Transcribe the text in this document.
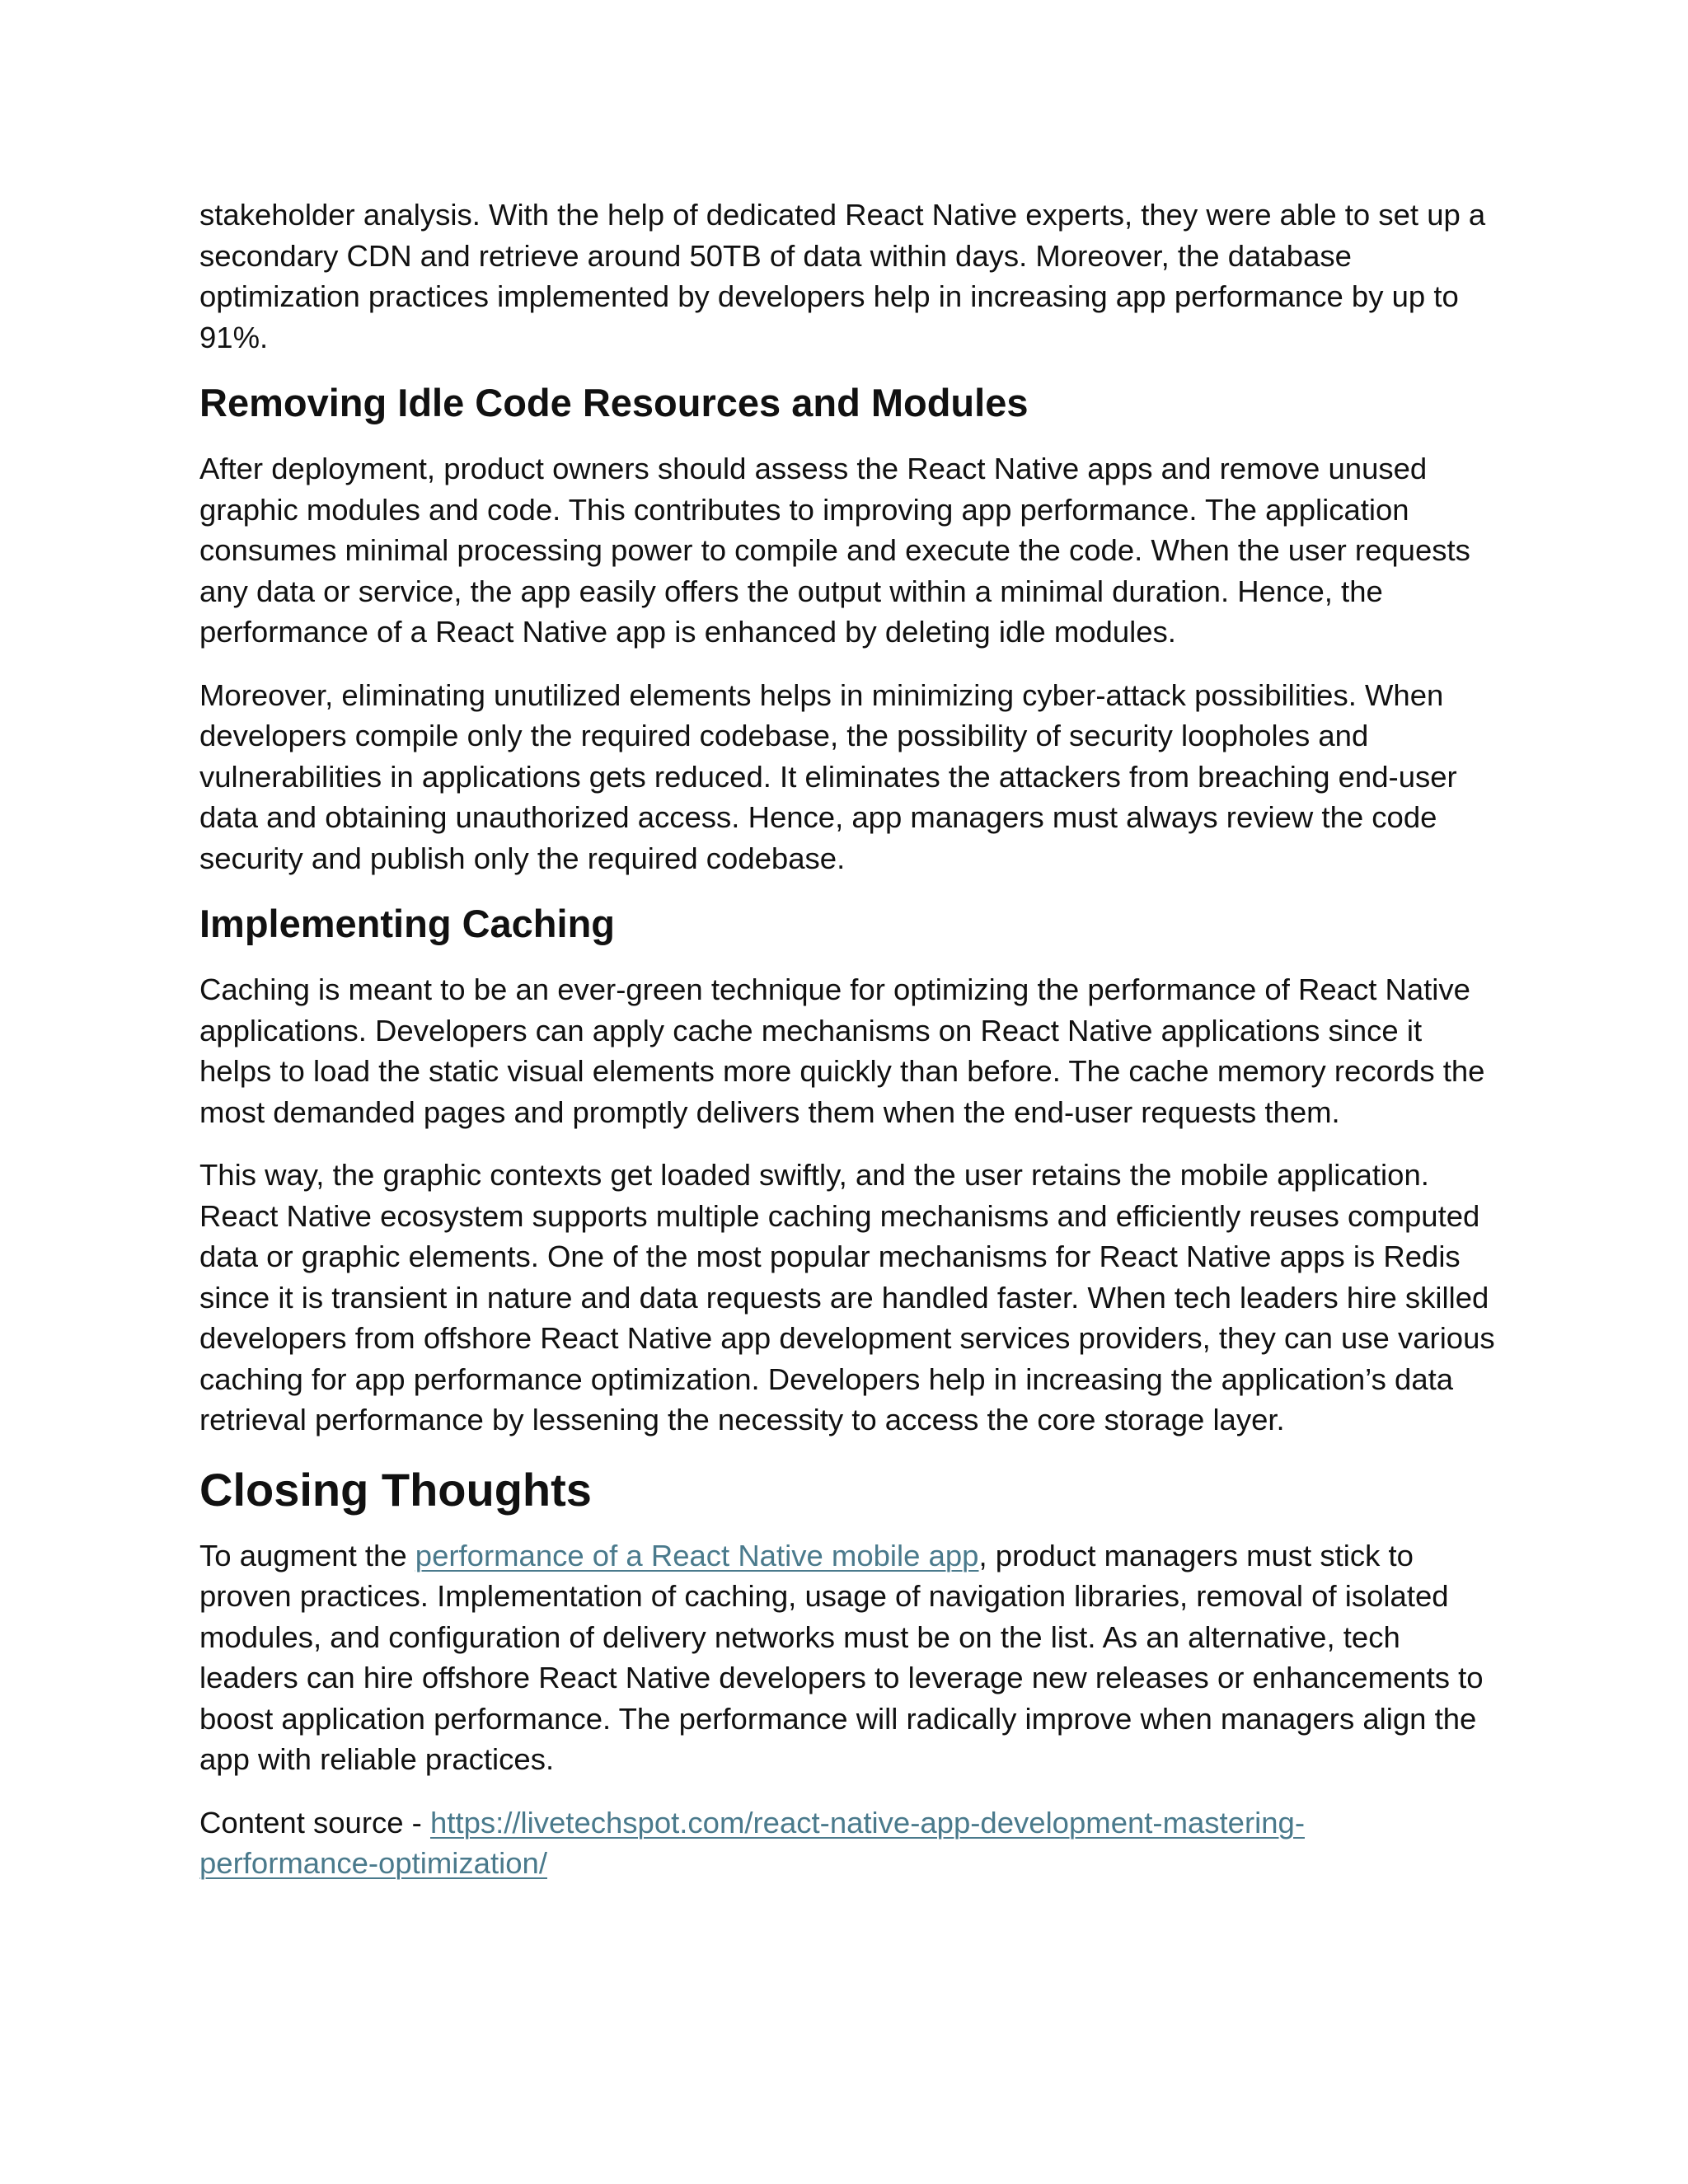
stakeholder analysis. With the help of dedicated React Native experts, they were able to set up a secondary CDN and retrieve around 50TB of data within days. Moreover, the database optimization practices implemented by developers help in increasing app performance by up to 91%.

Removing Idle Code Resources and Modules

After deployment, product owners should assess the React Native apps and remove unused graphic modules and code. This contributes to improving app performance. The application consumes minimal processing power to compile and execute the code. When the user requests any data or service, the app easily offers the output within a minimal duration. Hence, the performance of a React Native app is enhanced by deleting idle modules.

Moreover, eliminating unutilized elements helps in minimizing cyber-attack possibilities. When developers compile only the required codebase, the possibility of security loopholes and vulnerabilities in applications gets reduced. It eliminates the attackers from breaching end-user data and obtaining unauthorized access. Hence, app managers must always review the code security and publish only the required codebase.

Implementing Caching

Caching is meant to be an ever-green technique for optimizing the performance of React Native applications. Developers can apply cache mechanisms on React Native applications since it helps to load the static visual elements more quickly than before. The cache memory records the most demanded pages and promptly delivers them when the end-user requests them.

This way, the graphic contexts get loaded swiftly, and the user retains the mobile application. React Native ecosystem supports multiple caching mechanisms and efficiently reuses computed data or graphic elements. One of the most popular mechanisms for React Native apps is Redis since it is transient in nature and data requests are handled faster. When tech leaders hire skilled developers from offshore React Native app development services providers, they can use various caching for app performance optimization. Developers help in increasing the application’s data retrieval performance by lessening the necessity to access the core storage layer.

Closing Thoughts

To augment the performance of a React Native mobile app, product managers must stick to proven practices. Implementation of caching, usage of navigation libraries, removal of isolated modules, and configuration of delivery networks must be on the list. As an alternative, tech leaders can hire offshore React Native developers to leverage new releases or enhancements to boost application performance. The performance will radically improve when managers align the app with reliable practices.

Content source - https://livetechspot.com/react-native-app-development-mastering-
performance-optimization/
